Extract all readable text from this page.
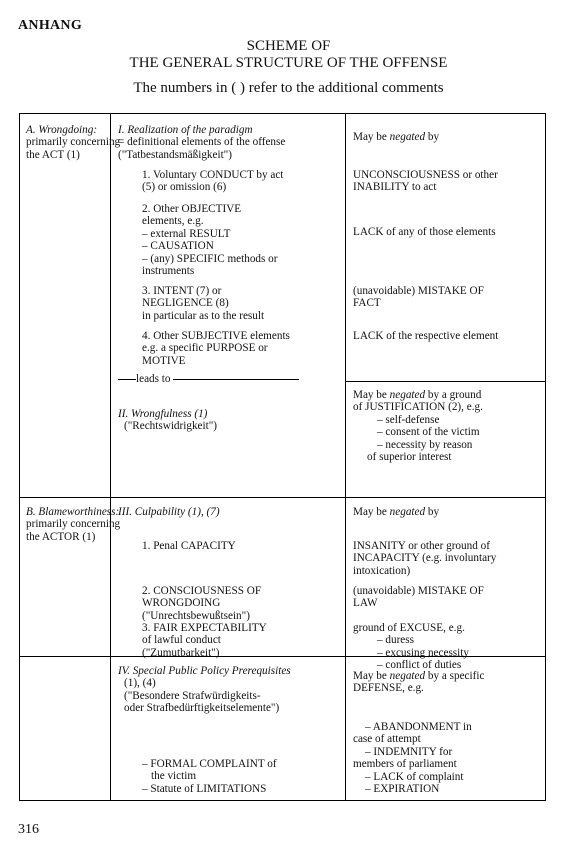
ANHANG
SCHEME OF
THE GENERAL STRUCTURE OF THE OFFENSE
The numbers in ( ) refer to the additional comments
A. Wrongdoing:
primarily concerning
the ACT (1)
B. Blameworthiness:
primarily concerning
the ACTOR (1)
I. Realization of the paradigm
= definitional elements of the offense
("Tatbestandsmäßigkeit")
1. Voluntary CONDUCT by act
(5) or omission (6)
2. Other OBJECTIVE
elements, e.g.
– external RESULT
– CAUSATION
– (any) SPECIFIC methods or
instruments
3. INTENT (7) or
NEGLIGENCE (8)
in particular as to the result
4. Other SUBJECTIVE elements
e.g. a specific PURPOSE or
MOTIVE
leads to
II. Wrongfulness (1)
("Rechtswidrigkeit")
III. Culpability (1), (7)
1. Penal CAPACITY
2. CONSCIOUSNESS OF
WRONGDOING
("Unrechtsbewußtsein")
3. FAIR EXPECTABILITY
of lawful conduct
("Zumutbarkeit")
IV. Special Public Policy Prerequisites
(1), (4)
("Besondere Strafwürdigkeits-
oder Strafbedürftigkeitselemente")
– FORMAL COMPLAINT of
the victim
– Statute of LIMITATIONS
May be negated by
UNCONSCIOUSNESS or other
INABILITY to act
LACK of any of those elements
(unavoidable) MISTAKE OF
FACT
LACK of the respective element
May be negated by a ground
of JUSTIFICATION (2), e.g.
– self-defense
– consent of the victim
– necessity by reason
of superior interest
May be negated by
INSANITY or other ground of
INCAPACITY (e.g. involuntary
intoxication)
(unavoidable) MISTAKE OF
LAW
ground of EXCUSE, e.g.
– duress
– excusing necessity
– conflict of duties
May be negated by a specific
DEFENSE, e.g.
– ABANDONMENT in
case of attempt
– INDEMNITY for
members of parliament
– LACK of complaint
– EXPIRATION
316
